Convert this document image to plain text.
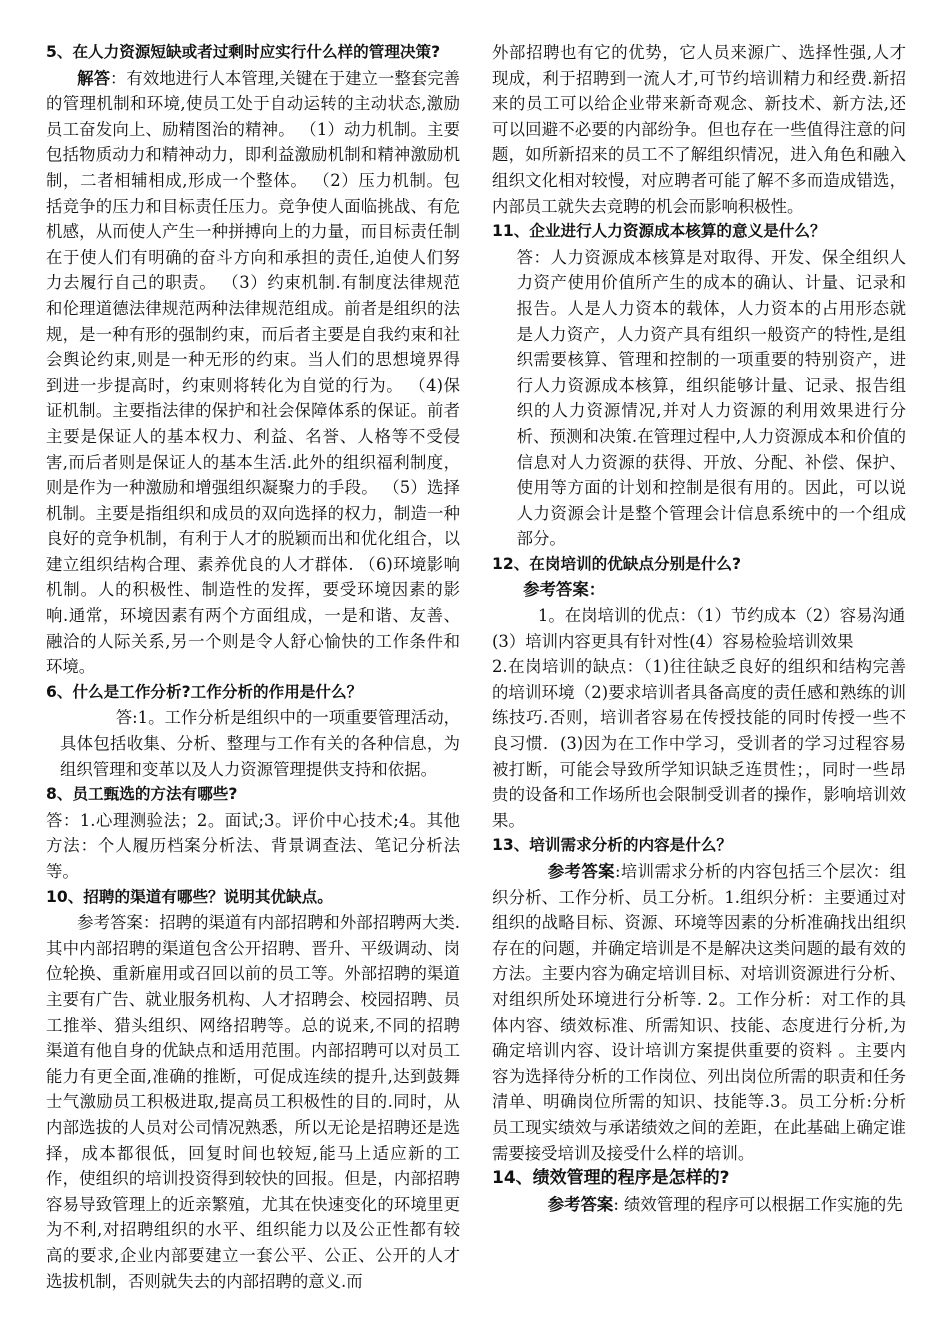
5、在人力资源短缺或者过剩时应实行什么样的管理决策?

解答：有效地进行人本管理,关键在于建立一整套完善的管理机制和环境,使员工处于自动运转的主动状态,激励员工奋发向上、励精图治的精神。 （1）动力机制。主要包括物质动力和精神动力，即利益激励机制和精神激励机制，二者相辅相成,形成一个整体。 （2）压力机制。包括竞争的压力和目标责任压力。竞争使人面临挑战、有危机感，从而使人产生一种拼搏向上的力量，而目标责任制在于使人们有明确的奋斗方向和承担的责任,迫使人们努力去履行自己的职责。 （3）约束机制.有制度法律规范和伦理道德法律规范两种法律规范组成。前者是组织的法规，是一种有形的强制约束，而后者主要是自我约束和社会舆论约束,则是一种无形的约束。当人们的思想境界得到进一步提高时，约束则将转化为自觉的行为。 （4)保证机制。主要指法律的保护和社会保障体系的保证。前者主要是保证人的基本权力、利益、名誉、人格等不受侵害,而后者则是保证人的基本生活.此外的组织福利制度，则是作为一种激励和增强组织凝聚力的手段。 （5）选择机制。主要是指组织和成员的双向选择的权力，制造一种良好的竞争机制，有利于人才的脱颖而出和优化组合，以建立组织结构合理、素养优良的人才群体. （6)环境影响机制。人的积极性、制造性的发挥，要受环境因素的影响.通常，环境因素有两个方面组成，一是和谐、友善、融洽的人际关系,另一个则是令人舒心愉快的工作条件和环境。

6、什么是工作分析?工作分析的作用是什么？

答:1。工作分析是组织中的一项重要管理活动，具体包括收集、分析、整理与工作有关的各种信息，为组织管理和变革以及人力资源管理提供支持和依据。

8、员工甄选的方法有哪些?

答：1.心理测验法；2。面试;3。评价中心技术;4。其他方法：个人履历档案分析法、背景调查法、笔记分析法等。

10、招聘的渠道有哪些？说明其优缺点。

参考答案：招聘的渠道有内部招聘和外部招聘两大类.其中内部招聘的渠道包含公开招聘、晋升、平级调动、岗位轮换、重新雇用或召回以前的员工等。外部招聘的渠道主要有广告、就业服务机构、人才招聘会、校园招聘、员工推举、猎头组织、网络招聘等。总的说来,不同的招聘渠道有他自身的优缺点和适用范围。内部招聘可以对员工能力有更全面,准确的推断，可促成连续的提升,达到鼓舞士气激励员工积极进取,提高员工积极性的目的.同时，从内部选拔的人员对公司情况熟悉，所以无论是招聘还是选择，成本都很低，回复时间也较短,能马上适应新的工作，使组织的培训投资得到较快的回报。但是，内部招聘容易导致管理上的近亲繁殖，尤其在快速变化的环境里更为不利,对招聘组织的水平、组织能力以及公正性都有较高的要求,企业内部要建立一套公平、公正、公开的人才选拔机制，否则就失去的内部招聘的意义.而

外部招聘也有它的优势，它人员来源广、选择性强,人才现成，利于招聘到一流人才,可节约培训精力和经费.新招来的员工可以给企业带来新奇观念、新技术、新方法,还可以回避不必要的内部纷争。但也存在一些值得注意的问题，如所新招来的员工不了解组织情况，进入角色和融入组织文化相对较慢，对应聘者可能了解不多而造成错选，内部员工就失去竞聘的机会而影响积极性。

11、企业进行人力资源成本核算的意义是什么？

答：人力资源成本核算是对取得、开发、保全组织人力资产使用价值所产生的成本的确认、计量、记录和报告。人是人力资本的载体，人力资本的占用形态就是人力资产，人力资产具有组织一般资产的特性,是组织需要核算、管理和控制的一项重要的特别资产，进行人力资源成本核算，组织能够计量、记录、报告组织的人力资源情况,并对人力资源的利用效果进行分析、预测和决策.在管理过程中,人力资源成本和价值的信息对人力资源的获得、开放、分配、补偿、保护、使用等方面的计划和控制是很有用的。因此，可以说人力资源会计是整个管理会计信息系统中的一个组成部分。

12、在岗培训的优缺点分别是什么?

参考答案：

1。在岗培训的优点：（1）节约成本（2）容易沟通

(3）培训内容更具有针对性(4）容易检验培训效果

2.在岗培训的缺点：（1)往往缺乏良好的组织和结构完善的培训环境（2)要求培训者具备高度的责任感和熟练的训练技巧.否则，培训者容易在传授技能的同时传授一些不良习惯．(3)因为在工作中学习，受训者的学习过程容易被打断，可能会导致所学知识缺乏连贯性；，同时一些昂贵的设备和工作场所也会限制受训者的操作，影响培训效果。

13、培训需求分析的内容是什么？

参考答案:培训需求分析的内容包括三个层次：组织分析、工作分析、员工分析。1.组织分析：主要通过对组织的战略目标、资源、环境等因素的分析准确找出组织存在的问题，并确定培训是不是解决这类问题的最有效的方法。主要内容为确定培训目标、对培训资源进行分析、对组织所处环境进行分析等. 2。工作分析：对工作的具体内容、绩效标准、所需知识、技能、态度进行分析,为确定培训内容、设计培训方案提供重要的资料 。主要内容为选择待分析的工作岗位、列出岗位所需的职责和任务清单、明确岗位所需的知识、技能等.3。员工分析:分析员工现实绩效与承诺绩效之间的差距，在此基础上确定谁需要接受培训及接受什么样的培训。

14、绩效管理的程序是怎样的?

参考答案: 绩效管理的程序可以根据工作实施的先
